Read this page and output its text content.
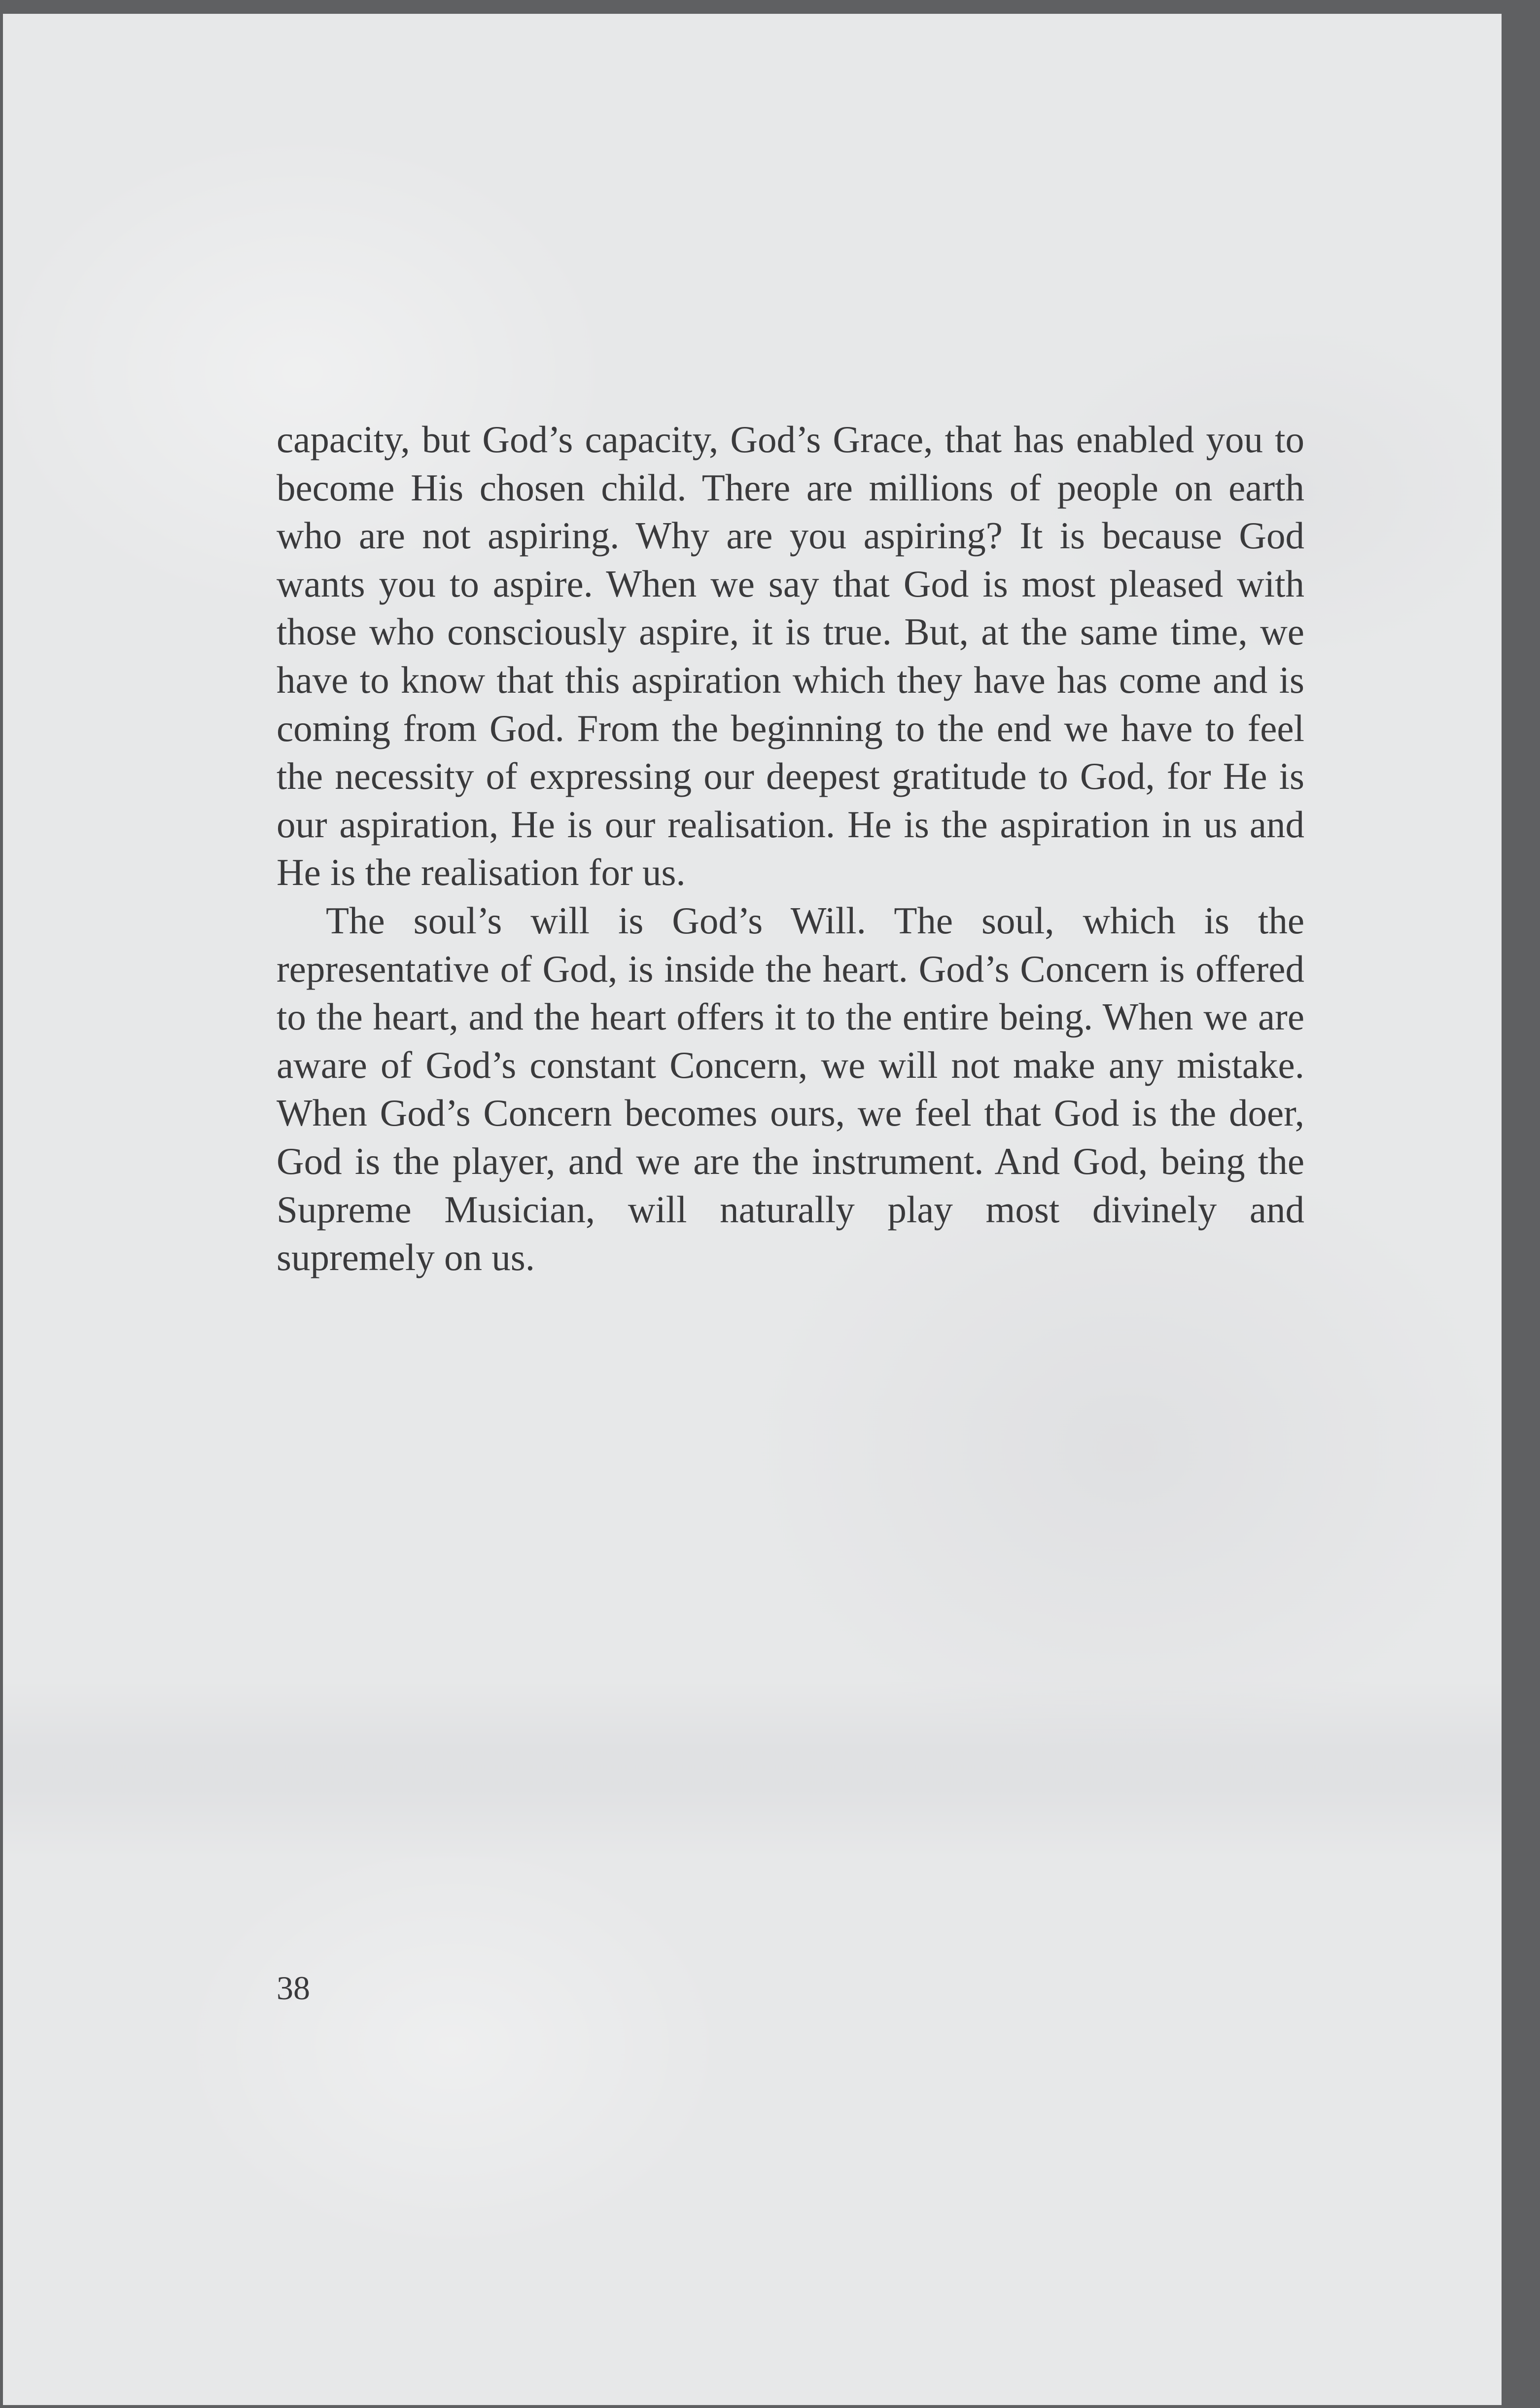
capacity, but God’s capacity, God’s Grace, that has enabled you to become His chosen child. There are millions of people on earth who are not aspiring. Why are you aspiring? It is because God wants you to aspire. When we say that God is most pleased with those who consciously aspire, it is true. But, at the same time, we have to know that this aspiration which they have has come and is coming from God. From the beginning to the end we have to feel the necessity of expressing our deepest gratitude to God, for He is our aspiration, He is our realisation. He is the aspiration in us and He is the realisation for us.

The soul’s will is God’s Will. The soul, which is the representative of God, is inside the heart. God’s Concern is offered to the heart, and the heart offers it to the entire being. When we are aware of God’s constant Concern, we will not make any mistake. When God’s Concern becomes ours, we feel that God is the doer, God is the player, and we are the instrument. And God, being the Supreme Musician, will naturally play most divinely and supremely on us.

38
